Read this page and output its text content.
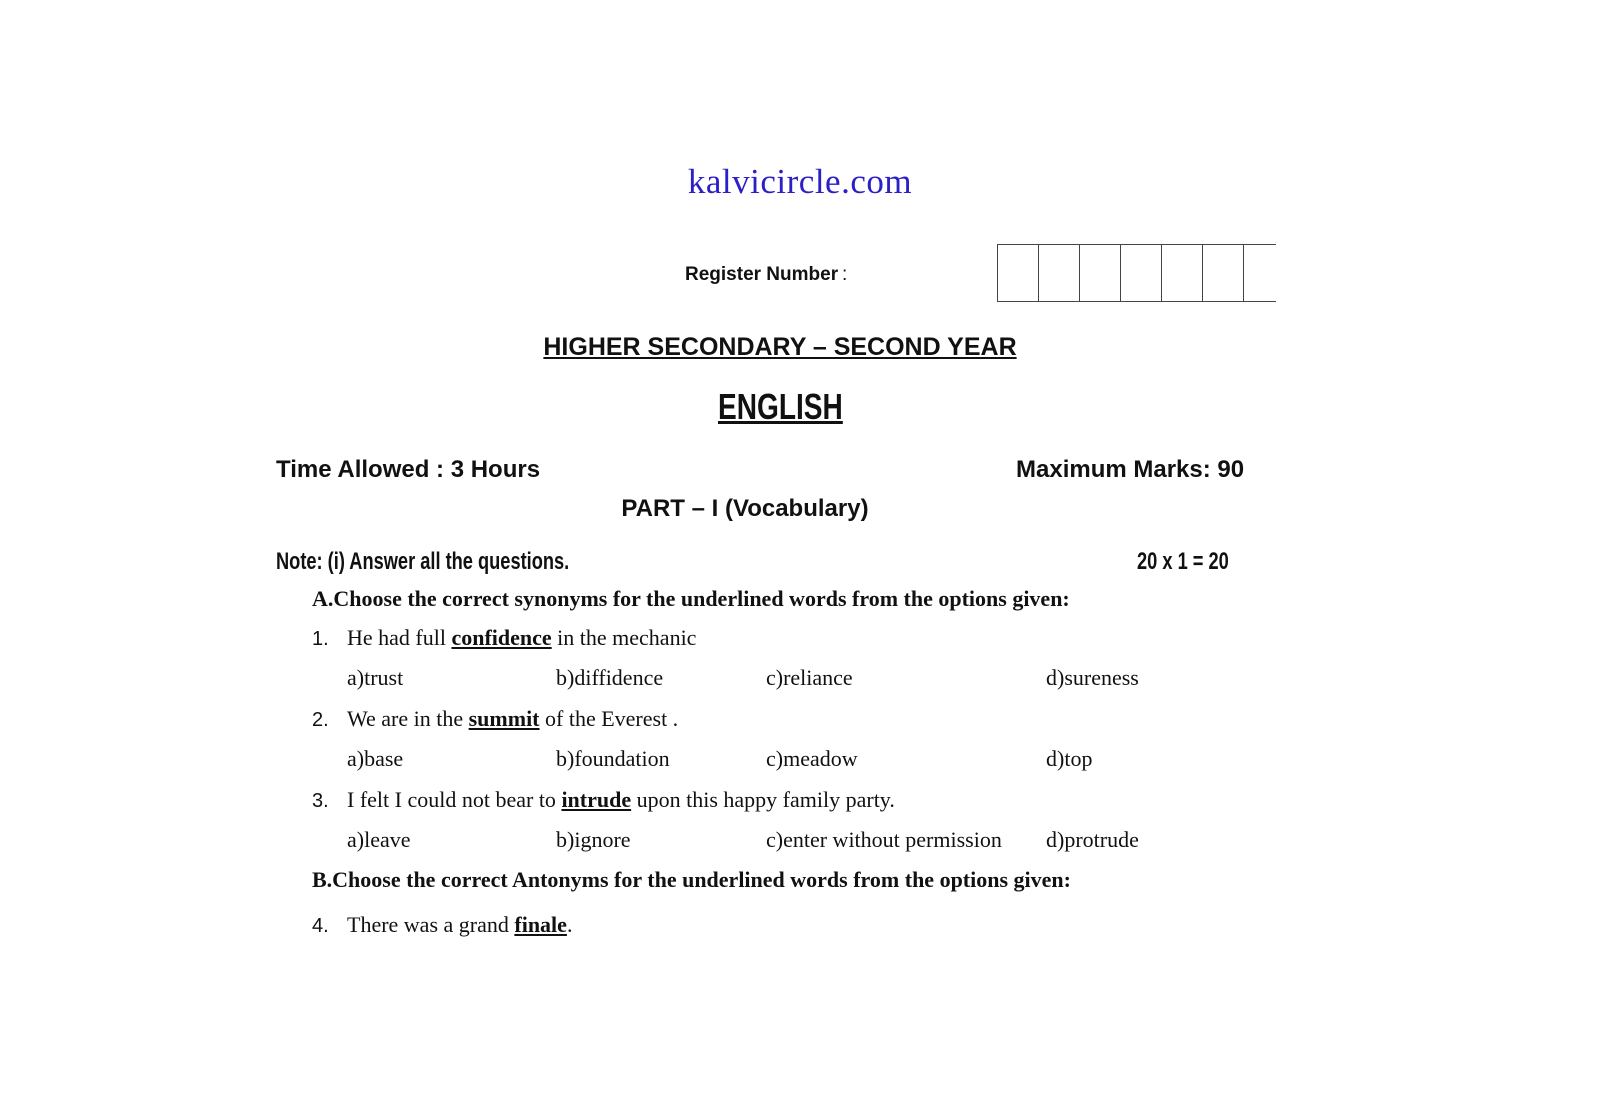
kalvicircle.com
Register Number :
HIGHER SECONDARY – SECOND YEAR
ENGLISH
Time Allowed : 3 Hours	Maximum Marks: 90
PART – I (Vocabulary)
Note: (i) Answer all the questions.	20 x 1 = 20
A.Choose the correct synonyms for the underlined words from the options given:
1. He had full confidence in the mechanic
a)trust	b)diffidence	c)reliance	d)sureness
2. We are in the summit of the Everest .
a)base	b)foundation	c)meadow	d)top
3. I felt I could not bear to intrude upon this happy family party.
a)leave	b)ignore	c)enter without permission d)protrude
B.Choose the correct Antonyms for the underlined words from the options given:
4. There was a grand finale.
